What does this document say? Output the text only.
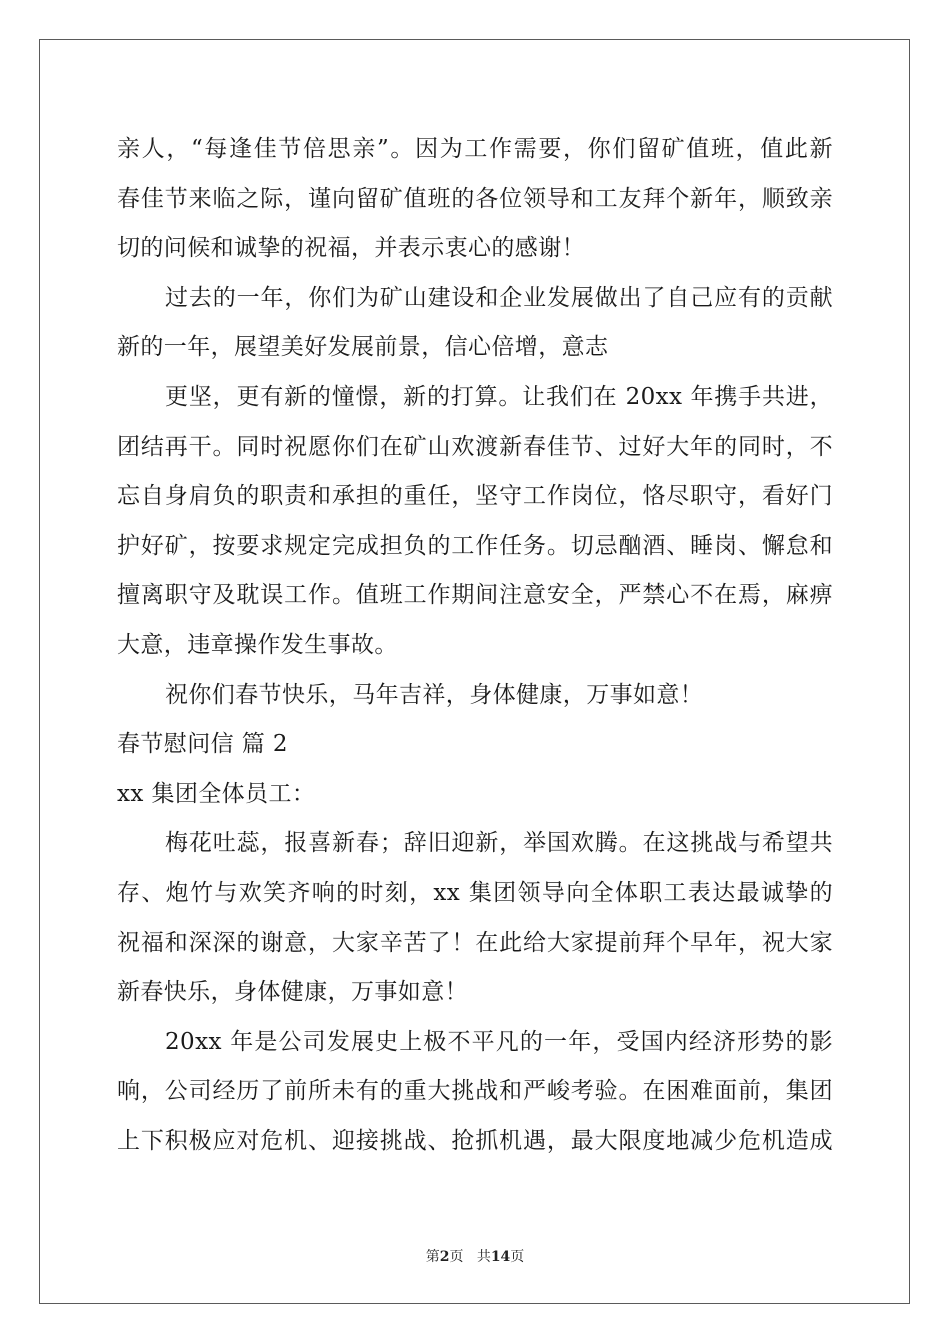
亲人，“每逢佳节倍思亲”。因为工作需要，你们留矿值班，值此新
春佳节来临之际，谨向留矿值班的各位领导和工友拜个新年，顺致亲
切的问候和诚挚的祝福，并表示衷心的感谢！
过去的一年，你们为矿山建设和企业发展做出了自己应有的贡献
新的一年，展望美好发展前景，信心倍增，意志
更坚，更有新的憧憬，新的打算。让我们在 20xx 年携手共进，
团结再干。同时祝愿你们在矿山欢渡新春佳节、过好大年的同时，不
忘自身肩负的职责和承担的重任，坚守工作岗位，恪尽职守，看好门
护好矿，按要求规定完成担负的工作任务。切忌酗酒、睡岗、懈怠和
擅离职守及耽误工作。值班工作期间注意安全，严禁心不在焉，麻痹
大意，违章操作发生事故。
祝你们春节快乐，马年吉祥，身体健康，万事如意！
春节慰问信 篇 2
xx 集团全体员工：
梅花吐蕊，报喜新春；辞旧迎新，举国欢腾。在这挑战与希望共
存、炮竹与欢笑齐响的时刻，xx 集团领导向全体职工表达最诚挚的
祝福和深深的谢意，大家辛苦了！在此给大家提前拜个早年，祝大家
新春快乐，身体健康，万事如意！
20xx 年是公司发展史上极不平凡的一年，受国内经济形势的影
响，公司经历了前所未有的重大挑战和严峻考验。在困难面前，集团
上下积极应对危机、迎接挑战、抢抓机遇，最大限度地减少危机造成
第2页 共14页
